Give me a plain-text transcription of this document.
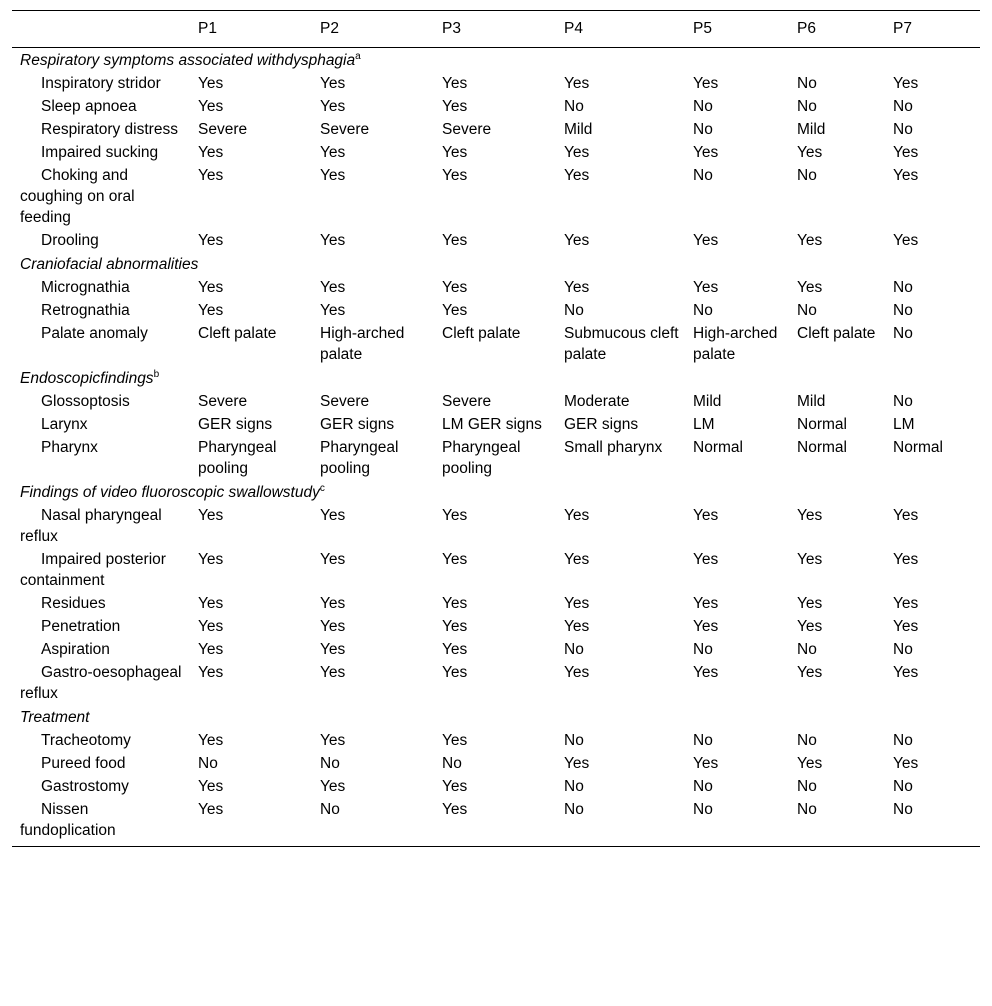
	P1	P2	P3	P4	P5	P6	P7
Respiratory symptoms associated withdysphagia$^a$
Inspiratory stridor	Yes	Yes	Yes	Yes	Yes	No	Yes
Sleep apnoea	Yes	Yes	Yes	No	No	No	No
Respiratory distress	Severe	Severe	Severe	Mild	No	Mild	No
Impaired sucking	Yes	Yes	Yes	Yes	Yes	Yes	Yes
Choking and coughing on oral feeding	Yes	Yes	Yes	Yes	No	No	Yes
Drooling	Yes	Yes	Yes	Yes	Yes	Yes	Yes
Craniofacial abnormalities							
Micrognathia	Yes	Yes	Yes	Yes	Yes	Yes	No
Retrognathia	Yes	Yes	Yes	No	No	No	No
Palate anomaly	Cleft palate	High-arched palate	Cleft palate	Submucous cleft palate	High-arched palate	Cleft palate	No
Endoscopicfindings$^b$
Glossoptosis	Severe	Severe	Severe	Moderate	Mild	Mild	No
Larynx	GER signs	GER signs	LM GER signs	GER signs	LM	Normal	LM
Pharynx	Pharyngeal pooling	Pharyngeal pooling	Pharyngeal pooling	Small pharynx	Normal	Normal	Normal
Findings of video fluoroscopic swallowstudy$^c$
Nasal pharyngeal reflux	Yes	Yes	Yes	Yes	Yes	Yes	Yes
Impaired posterior containment	Yes	Yes	Yes	Yes	Yes	Yes	Yes
Residues	Yes	Yes	Yes	Yes	Yes	Yes	Yes
Penetration	Yes	Yes	Yes	Yes	Yes	Yes	Yes
Aspiration	Yes	Yes	Yes	No	No	No	No
Gastro-oesophageal reflux	Yes	Yes	Yes	Yes	Yes	Yes	Yes
Treatment							
Tracheotomy	Yes	Yes	Yes	No	No	No	No
Pureed food	No	No	No	Yes	Yes	Yes	Yes
Gastrostomy	Yes	Yes	Yes	No	No	No	No
Nissen fundoplication	Yes	No	Yes	No	No	No	No
